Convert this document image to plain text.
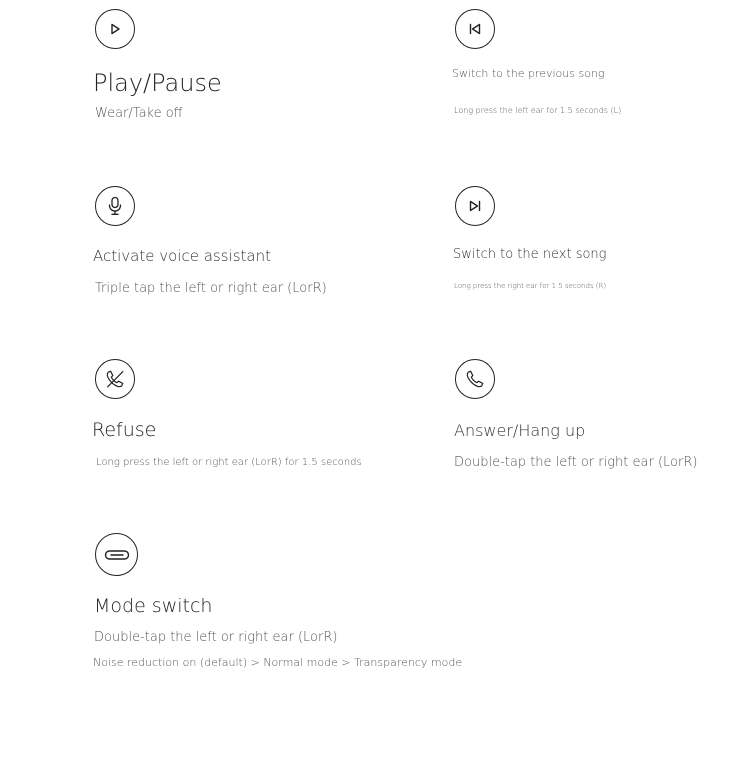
Play/Pause
Wear/Take off
Switch to the previous song
Long press the left ear for 1.5 seconds (L)
Activate voice assistant
Triple tap the left or right ear (LorR)
Switch to the next song
Long press the right ear for 1.5 seconds (R)
Refuse
Long press the left or right ear (LorR) for 1.5 seconds
Answer/Hang up
Double-tap the left or right ear (LorR)
Mode switch
Double-tap the left or right ear (LorR)
Noise reduction on (default) > Normal mode > Transparency mode
